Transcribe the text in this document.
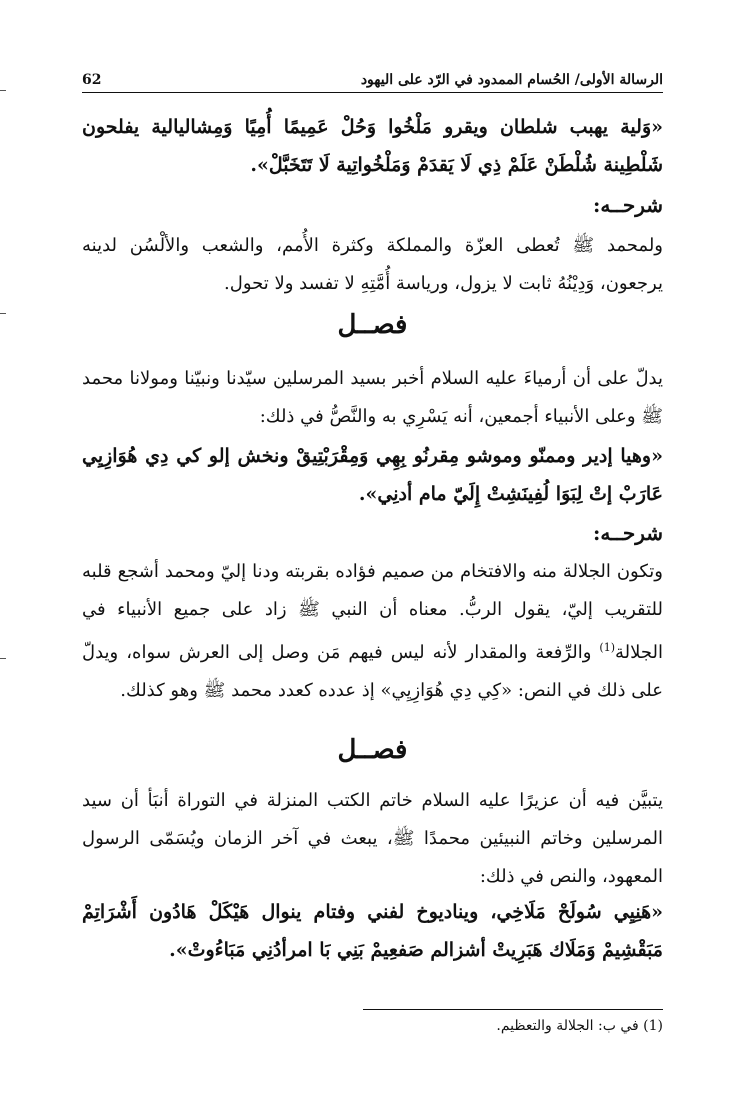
الرسالة الأولى/ الحُسام الممدود في الرّد على اليهود
62
«وَلية يهبب شلطان ويقرو مَلْخُوا وَحُلْ عَمِيمًا أُمِيًا وَمِشاليالية يفلحون شَلْطِينة شُلْطَنْ عَلَمْ ذِي لَا يَقدَمْ وَمَلْخُواتِية لَا تَتَخَبَّلْ».
شرحــه:
ولمحمد ﷺ تُعطى العزّة والمملكة وكثرة الأُمم، والشعب والألْسُن لدينه يرجعون، وَدِيْنُهُ ثابت لا يزول، ورياسة أُمَّتِهِ لا تفسد ولا تحول.
فصــل
يدلّ على أن أرمياءَ عليه السلام أخبر بسيد المرسلين سيّدنا ونبيّنا ومولانا محمد ﷺ وعلى الأنبياء أجمعين، أنه يَسْرِي به والنَّصُّ في ذلك:
«وهيا إدير وممنّو وموشو مِقرنُو بِهِي وَمِقْرَبْتِيقْ ونخش إلو كي دِي هُوَازِيِي عَارَبْ إتْ لِبَوَا لُفِينَشِتْ إِلَيّ مام أدنِي».
شرحــه:
وتكون الجلالة منه والافتخام من صميم فؤاده بقربته ودنا إليّ ومحمد أشجع قلبه للتقريب إليّ، يقول الربُّ. معناه أن النبي ﷺ زاد على جميع الأنبياء في الجلالة$^{(1)}$ والرِّفعة والمقدار لأنه ليس فيهم مَن وصل إلى العرش سواه، ويدلّ على ذلك في النص: «كِي دِي هُوَازِيِي» إذ عدده كعدد محمد ﷺ وهو كذلك.
فصــل
يتبيَّن فيه أن عزيرًا عليه السلام خاتم الكتب المنزلة في التوراة أنبَأ أن سيد المرسلين وخاتم النبيئين محمدًا ﷺ، يبعث في آخر الزمان ويُسَمّى الرسول المعهود، والنص في ذلك:
«هَنِيِي سُولَحْ مَلَاخِي، ويناديوخ لفني وفتام ينوال هَيْكَلْ هَادُون أَشْرَاتِمْ مَبَقْشِيمْ وَمَلَاك هَبَرِيتْ أشزالم صَفعِيمْ بَنِي بَا امرأدُنِي مَبَاءُوتْ».
(1) في ب: الجلالة والتعظيم.
